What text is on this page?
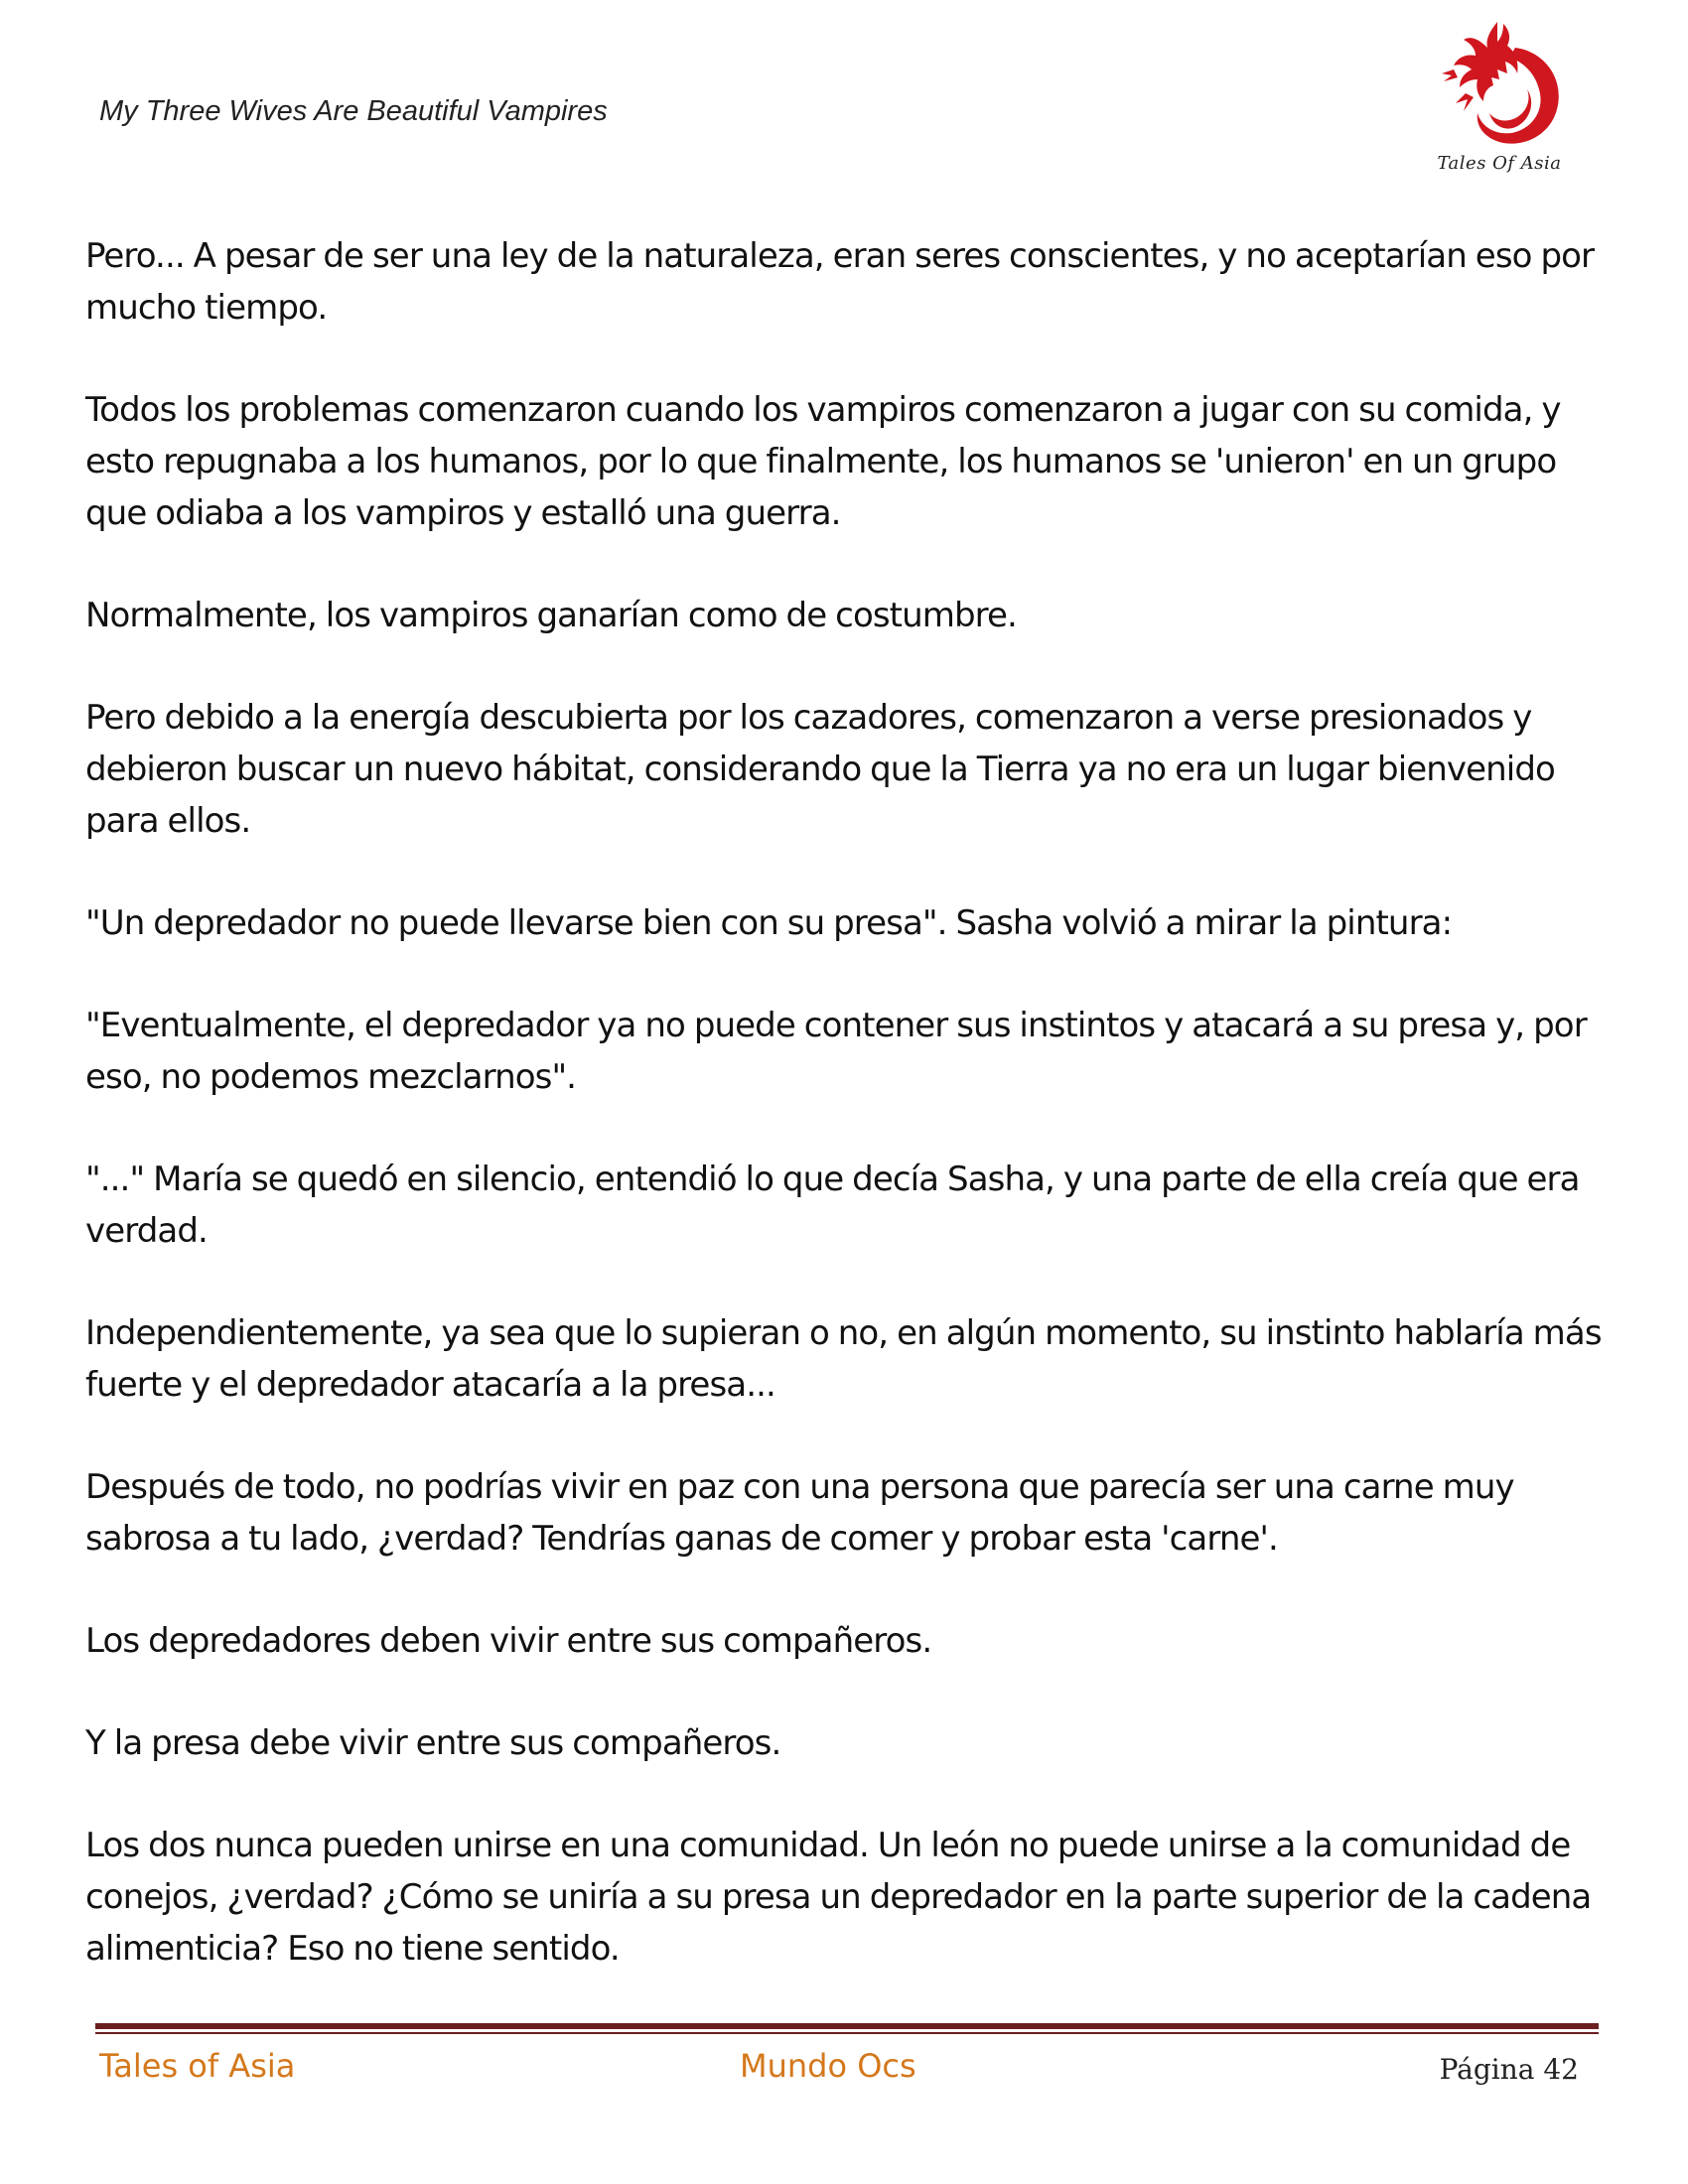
My Three Wives Are Beautiful Vampires
Tales Of Asia

Pero... A pesar de ser una ley de la naturaleza, eran seres conscientes, y no aceptarían eso por mucho tiempo.

Todos los problemas comenzaron cuando los vampiros comenzaron a jugar con su comida, y esto repugnaba a los humanos, por lo que finalmente, los humanos se 'unieron' en un grupo que odiaba a los vampiros y estalló una guerra.

Normalmente, los vampiros ganarían como de costumbre.

Pero debido a la energía descubierta por los cazadores, comenzaron a verse presionados y debieron buscar un nuevo hábitat, considerando que la Tierra ya no era un lugar bienvenido para ellos.

"Un depredador no puede llevarse bien con su presa". Sasha volvió a mirar la pintura:

"Eventualmente, el depredador ya no puede contener sus instintos y atacará a su presa y, por eso, no podemos mezclarnos".

"..." María se quedó en silencio, entendió lo que decía Sasha, y una parte de ella creía que era verdad.

Independientemente, ya sea que lo supieran o no, en algún momento, su instinto hablaría más fuerte y el depredador atacaría a la presa...

Después de todo, no podrías vivir en paz con una persona que parecía ser una carne muy sabrosa a tu lado, ¿verdad? Tendrías ganas de comer y probar esta 'carne'.

Los depredadores deben vivir entre sus compañeros.

Y la presa debe vivir entre sus compañeros.

Los dos nunca pueden unirse en una comunidad. Un león no puede unirse a la comunidad de conejos, ¿verdad? ¿Cómo se uniría a su presa un depredador en la parte superior de la cadena alimenticia? Eso no tiene sentido.

Tales of Asia	Mundo Ocs	Página 42
